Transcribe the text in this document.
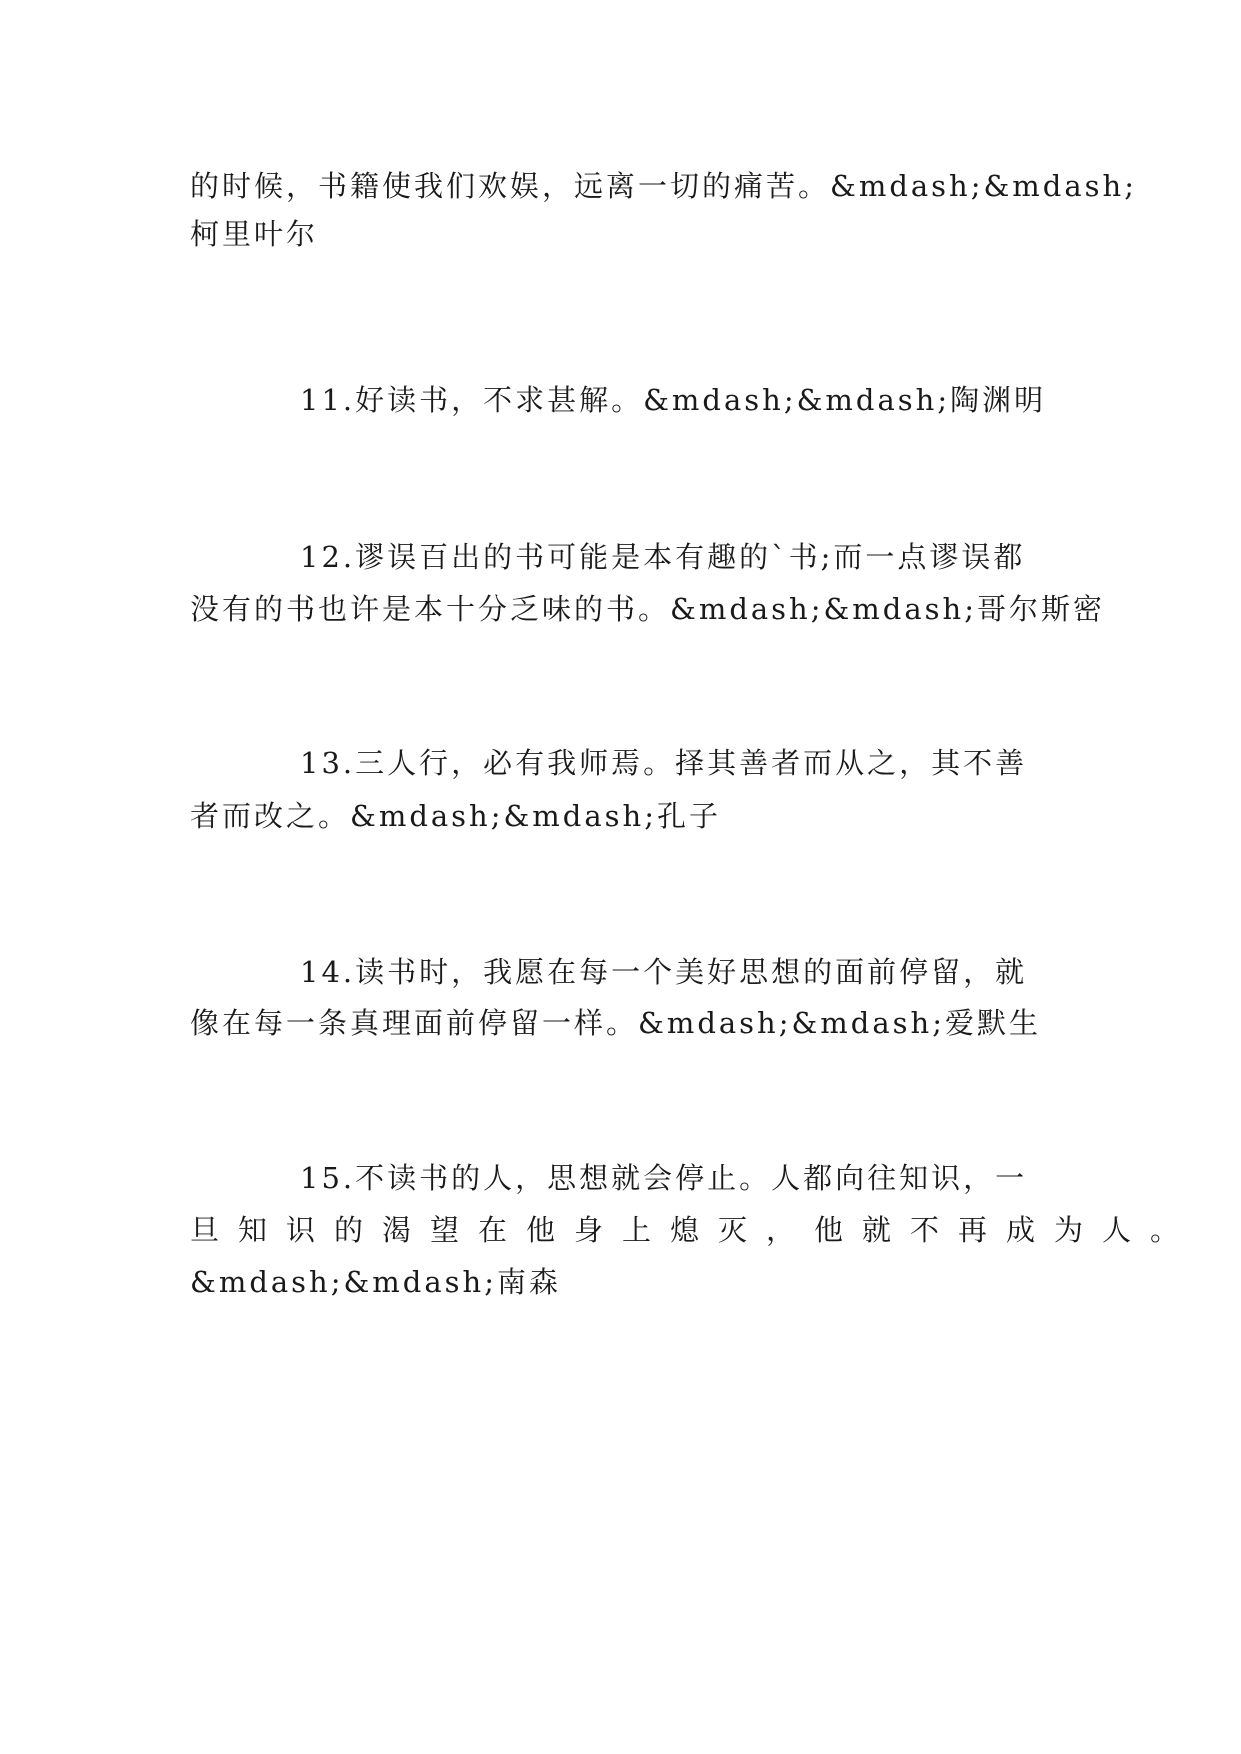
的时候，书籍使我们欢娱，远离一切的痛苦。&mdash;&mdash;
柯里叶尔
11.好读书，不求甚解。&mdash;&mdash;陶渊明
12.谬误百出的书可能是本有趣的`书;而一点谬误都
没有的书也许是本十分乏味的书。&mdash;&mdash;哥尔斯密
13.三人行，必有我师焉。择其善者而从之，其不善
者而改之。&mdash;&mdash;孔子
14.读书时，我愿在每一个美好思想的面前停留，就
像在每一条真理面前停留一样。&mdash;&mdash;爱默生
15.不读书的人，思想就会停止。人都向往知识，一
旦知识的渴望在他身上熄灭，他就不再成为人。
&mdash;&mdash;南森
